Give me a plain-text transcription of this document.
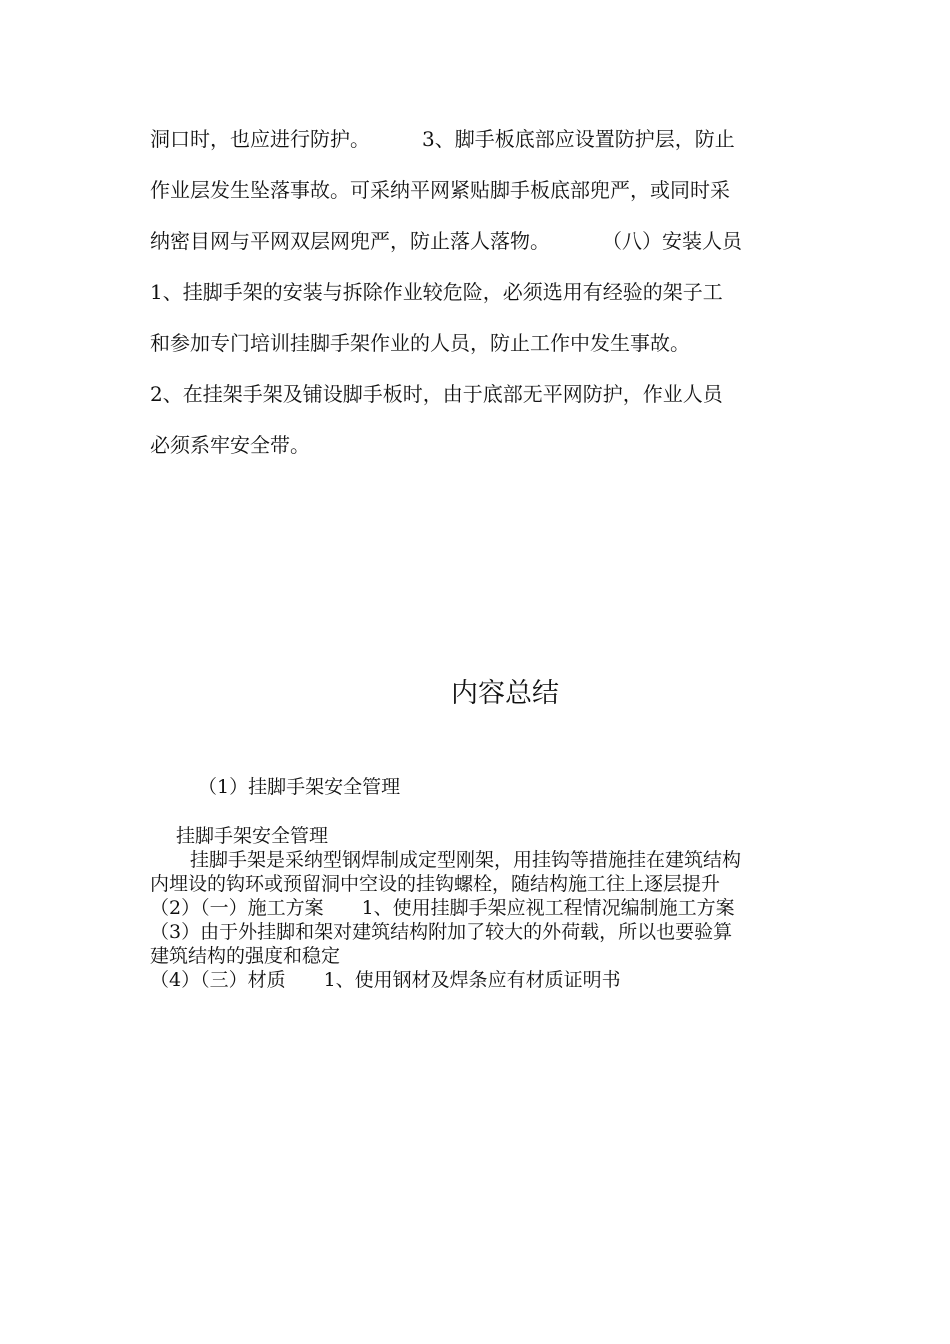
洞口时，也应进行防护。	3、脚手板底部应设置防护层，防止

作业层发生坠落事故。可采纳平网紧贴脚手板底部兜严，或同时采

纳密目网与平网双层网兜严，防止落人落物。	（八）安装人员

1、挂脚手架的安装与拆除作业较危险，必须选用有经验的架子工

和参加专门培训挂脚手架作业的人员，防止工作中发生事故。

2、在挂架手架及铺设脚手板时，由于底部无平网防护，作业人员

必须系牢安全带。

内容总结

（1）挂脚手架安全管理

挂脚手架安全管理

挂脚手架是采纳型钢焊制成定型刚架，用挂钩等措施挂在建筑结构

内埋设的钩环或预留洞中空设的挂钩螺栓，随结构施工往上逐层提升

（2）（一）施工方案 1、使用挂脚手架应视工程情况编制施工方案

（3）由于外挂脚和架对建筑结构附加了较大的外荷载，所以也要验算

建筑结构的强度和稳定

（4）（三）材质 1、使用钢材及焊条应有材质证明书
